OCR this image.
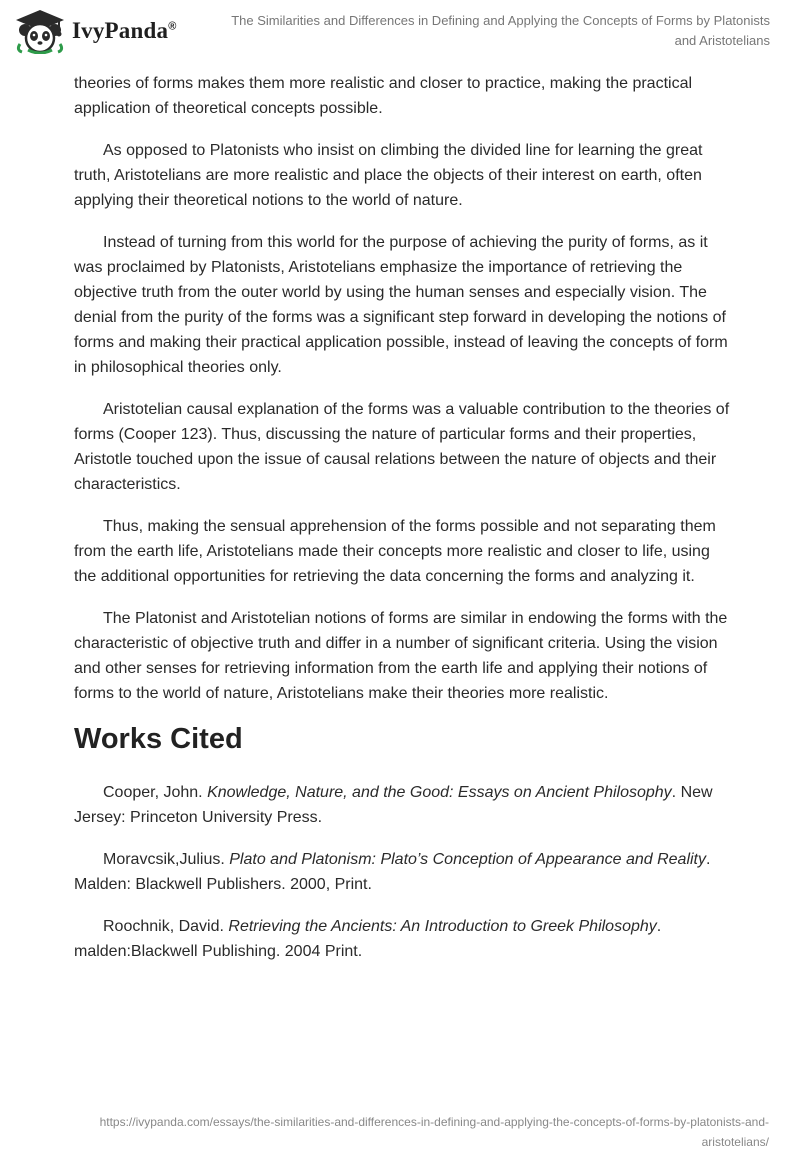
IvyPanda®	The Similarities and Differences in Defining and Applying the Concepts of Forms by Platonists and Aristotelians

theories of forms makes them more realistic and closer to practice, making the practical application of theoretical concepts possible.

As opposed to Platonists who insist on climbing the divided line for learning the great truth, Aristotelians are more realistic and place the objects of their interest on earth, often applying their theoretical notions to the world of nature.

Instead of turning from this world for the purpose of achieving the purity of forms, as it was proclaimed by Platonists, Aristotelians emphasize the importance of retrieving the objective truth from the outer world by using the human senses and especially vision. The denial from the purity of the forms was a significant step forward in developing the notions of forms and making their practical application possible, instead of leaving the concepts of form in philosophical theories only.

Aristotelian causal explanation of the forms was a valuable contribution to the theories of forms (Cooper 123). Thus, discussing the nature of particular forms and their properties, Aristotle touched upon the issue of causal relations between the nature of objects and their characteristics.

Thus, making the sensual apprehension of the forms possible and not separating them from the earth life, Aristotelians made their concepts more realistic and closer to life, using the additional opportunities for retrieving the data concerning the forms and analyzing it.

The Platonist and Aristotelian notions of forms are similar in endowing the forms with the characteristic of objective truth and differ in a number of significant criteria. Using the vision and other senses for retrieving information from the earth life and applying their notions of forms to the world of nature, Aristotelians make their theories more realistic.

Works Cited
Cooper, John. Knowledge, Nature, and the Good: Essays on Ancient Philosophy. New Jersey: Princeton University Press.
Moravcsik,Julius. Plato and Platonism: Plato’s Conception of Appearance and Reality. Malden: Blackwell Publishers. 2000, Print.
Roochnik, David. Retrieving the Ancients: An Introduction to Greek Philosophy. malden:Blackwell Publishing. 2004 Print.
https://ivypanda.com/essays/the-similarities-and-differences-in-defining-and-applying-the-concepts-of-forms-by-platonists-and-aristotelians/
